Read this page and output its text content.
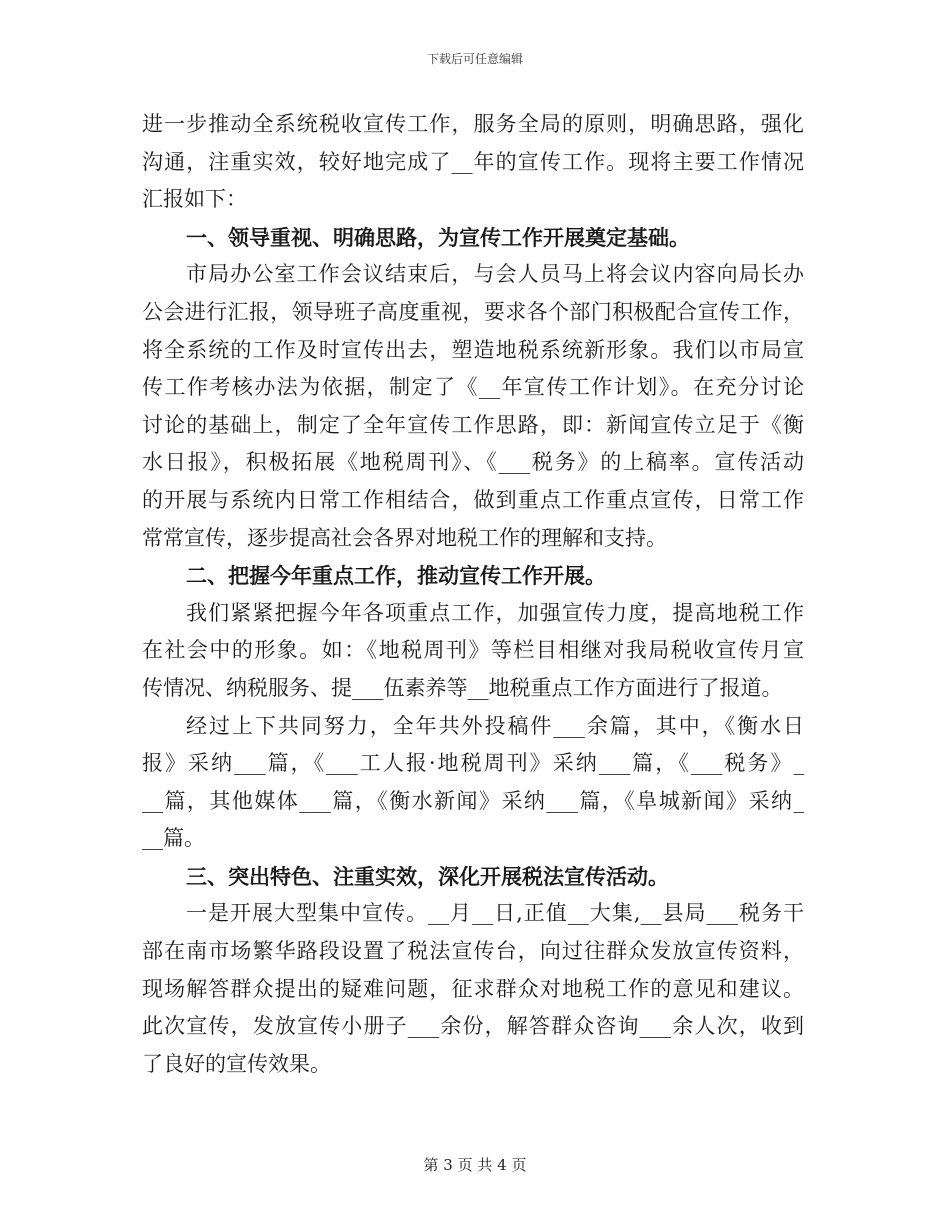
下载后可任意编辑
进一步推动全系统税收宣传工作，服务全局的原则，明确思路，强化
沟通，注重实效，较好地完成了__年的宣传工作。现将主要工作情况
汇报如下：
一、领导重视、明确思路，为宣传工作开展奠定基础。
市局办公室工作会议结束后，与会人员马上将会议内容向局长办
公会进行汇报，领导班子高度重视，要求各个部门积极配合宣传工作，
将全系统的工作及时宣传出去，塑造地税系统新形象。我们以市局宣
传工作考核办法为依据，制定了《__年宣传工作计划》。在充分讨论
讨论的基础上，制定了全年宣传工作思路，即：新闻宣传立足于《衡
水日报》，积极拓展《地税周刊》、《___税务》的上稿率。宣传活动
的开展与系统内日常工作相结合，做到重点工作重点宣传，日常工作
常常宣传，逐步提高社会各界对地税工作的理解和支持。
二、把握今年重点工作，推动宣传工作开展。
我们紧紧把握今年各项重点工作，加强宣传力度，提高地税工作
在社会中的形象。如：《地税周刊》等栏目相继对我局税收宣传月宣
传情况、纳税服务、提___伍素养等__地税重点工作方面进行了报道。
经过上下共同努力，全年共外投稿件___余篇，其中，《衡水日
报》采纳___篇，《___工人报·地税周刊》采纳___篇，《___税务》_
__篇，其他媒体___篇，《衡水新闻》采纳___篇，《阜城新闻》采纳_
__篇。
三、突出特色、注重实效，深化开展税法宣传活动。
一是开展大型集中宣传。__月__日,正值__大集,__县局___税务干
部在南市场繁华路段设置了税法宣传台，向过往群众发放宣传资料，
现场解答群众提出的疑难问题，征求群众对地税工作的意见和建议。
此次宣传，发放宣传小册子___余份，解答群众咨询___余人次，收到
了良好的宣传效果。
第 3 页 共 4 页
